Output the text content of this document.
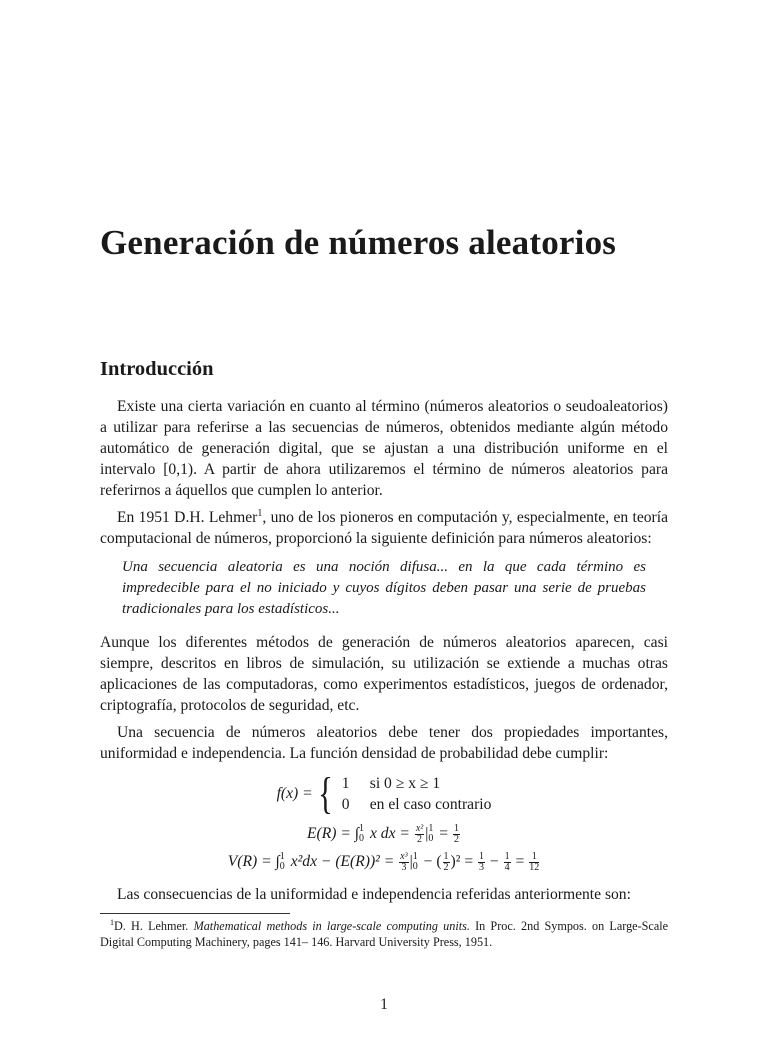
Generación de números aleatorios
Introducción

Existe una cierta variación en cuanto al término (números aleatorios o seudoaleatorios) a utilizar para referirse a las secuencias de números, obtenidos mediante algún método automático de generación digital, que se ajustan a una distribución uniforme en el intervalo [0,1). A partir de ahora utilizaremos el término de números aleatorios para referirnos a áquellos que cumplen lo anterior.

En 1951 D.H. Lehmer$^1$, uno de los pioneros en computación y, especialmente, en teoría computacional de números, proporcionó la siguiente definición para números aleatorios:

Una secuencia aleatoria es una noción difusa... en la que cada término es impredecible para el no iniciado y cuyos dígitos deben pasar una serie de pruebas tradicionales para los estadísticos...

Aunque los diferentes métodos de generación de números aleatorios aparecen, casi siempre, descritos en libros de simulación, su utilización se extiende a muchas otras aplicaciones de las computadoras, como experimentos estadísticos, juegos de ordenador, criptografía, protocolos de seguridad, etc.

Una secuencia de números aleatorios debe tener dos propiedades importantes, uniformidad e independencia. La función densidad de probabilidad debe cumplir:

f(x) = { 1 si 0 ≥ x ≥ 1
0 en el caso contrario
E(R) = ∫ 1
0 x dx = $\frac{\text{x²}}{2}$ | 1
$0 = \frac{1}{2}$
V(R) = ∫ 1
0 $x^2dx - (E(R))^2 = \frac{\text{x³}}{3}$ | 1
0 − ( $\frac{1}{2} )^2 = \frac{1}{3} - \frac{1}{4} = \frac{1}{12}$

Las consecuencias de la uniformidad e independencia referidas anteriormente son:

$^1$D. H. Lehmer. Mathematical methods in large-scale computing units. In Proc. 2nd Sympos. on Large-Scale Digital Computing Machinery, pages 141– 146. Harvard University Press, 1951.

1
